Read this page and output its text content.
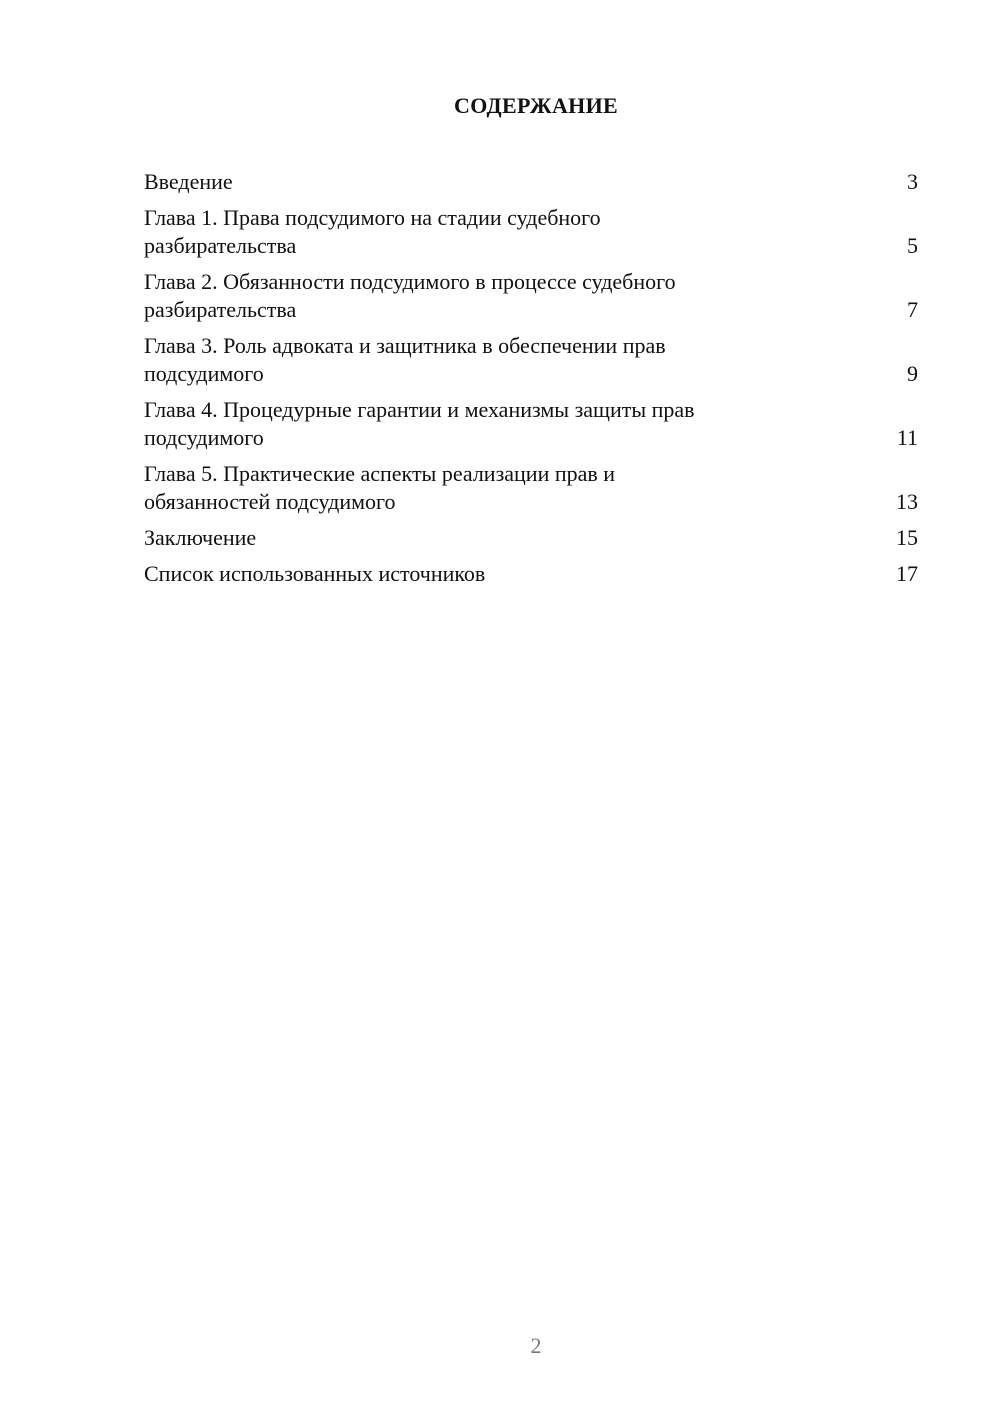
СОДЕРЖАНИЕ
Введение	3
Глава 1. Права подсудимого на стадии судебного
разбирательства	5
Глава 2. Обязанности подсудимого в процессе судебного
разбирательства	7
Глава 3. Роль адвоката и защитника в обеспечении прав
подсудимого	9
Глава 4. Процедурные гарантии и механизмы защиты прав
подсудимого	11
Глава 5. Практические аспекты реализации прав и
обязанностей подсудимого	13
Заключение	15
Список использованных источников	17

2
